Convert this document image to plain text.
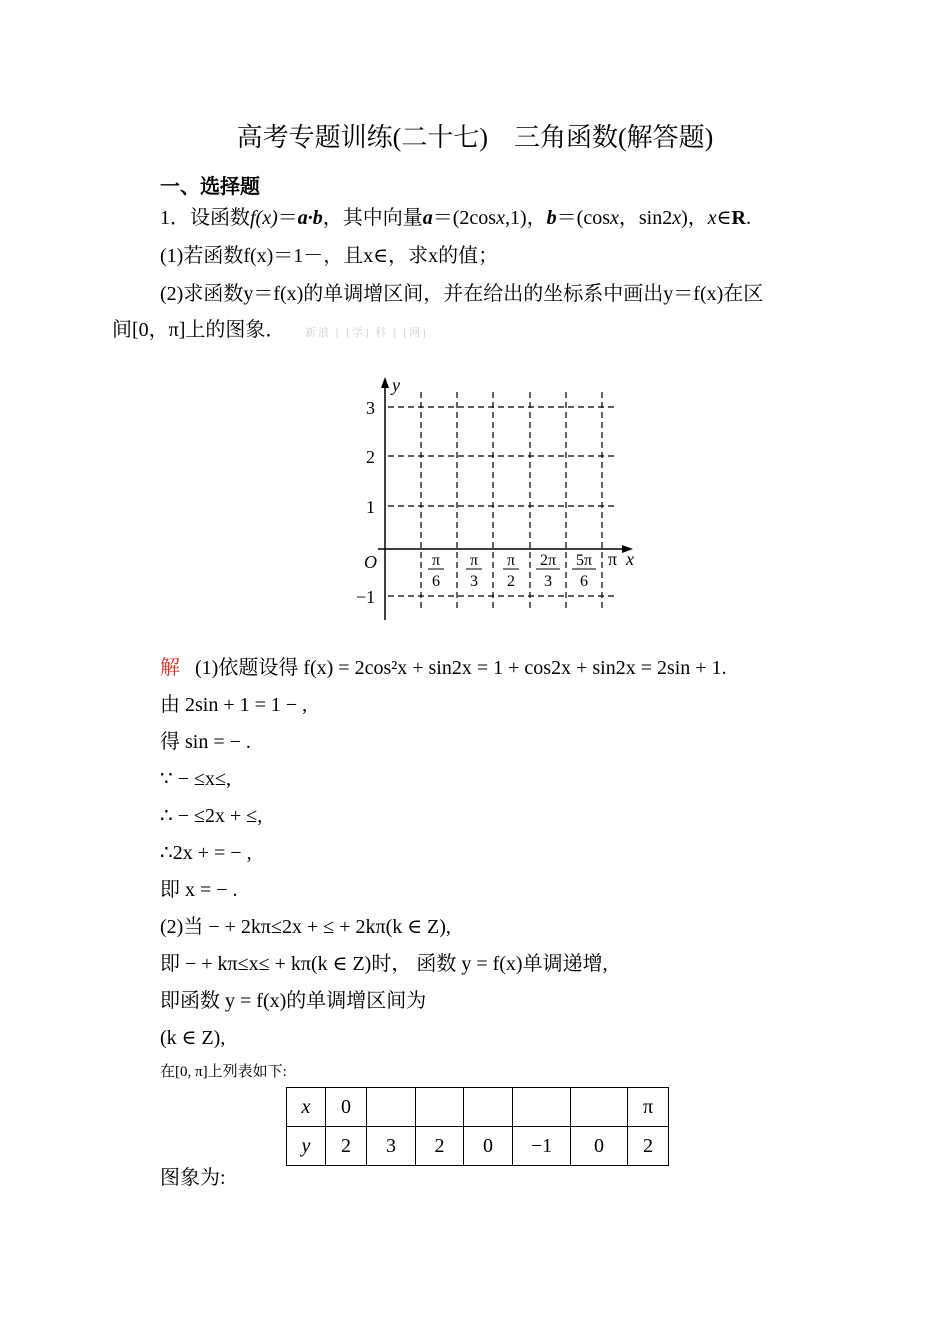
高考专题训练(二十七)　三角函数(解答题)
一、选择题
1．设函数f(x)＝a·b，其中向量a＝(2cosx,1)，b＝(cosx，sin2x)，x∈R.
(1)若函数f(x)＝1－，且x∈，求x的值；
(2)求函数y＝f(x)的单调增区间，并在给出的坐标系中画出y＝f(x)在区
间[0，π]上的图象． 新浪 [ [学] 科 [ [网]
y
x
O
3
2
1
−1
π
π
6
π
3
π
2
2π
3
5π
6
解 (1)依题设得 f(x) = 2cos²x + sin2x = 1 + cos2x + sin2x = 2sin + 1.
由 2sin + 1 = 1 − ,
得 sin = − .
∵ − ≤x≤,
∴ − ≤2x + ≤,
∴2x + = − ,
即 x = − .
(2)当 − + 2kπ≤2x + ≤ + 2kπ(k ∈ Z),
即 − + kπ≤x≤ + kπ(k ∈ Z)时， 函数 y = f(x)单调递增,
即函数 y = f(x)的单调增区间为
(k ∈ Z),
在[0, π]上列表如下:
x	0						π
y	2	3	2	0	−1	0	2
图象为:
